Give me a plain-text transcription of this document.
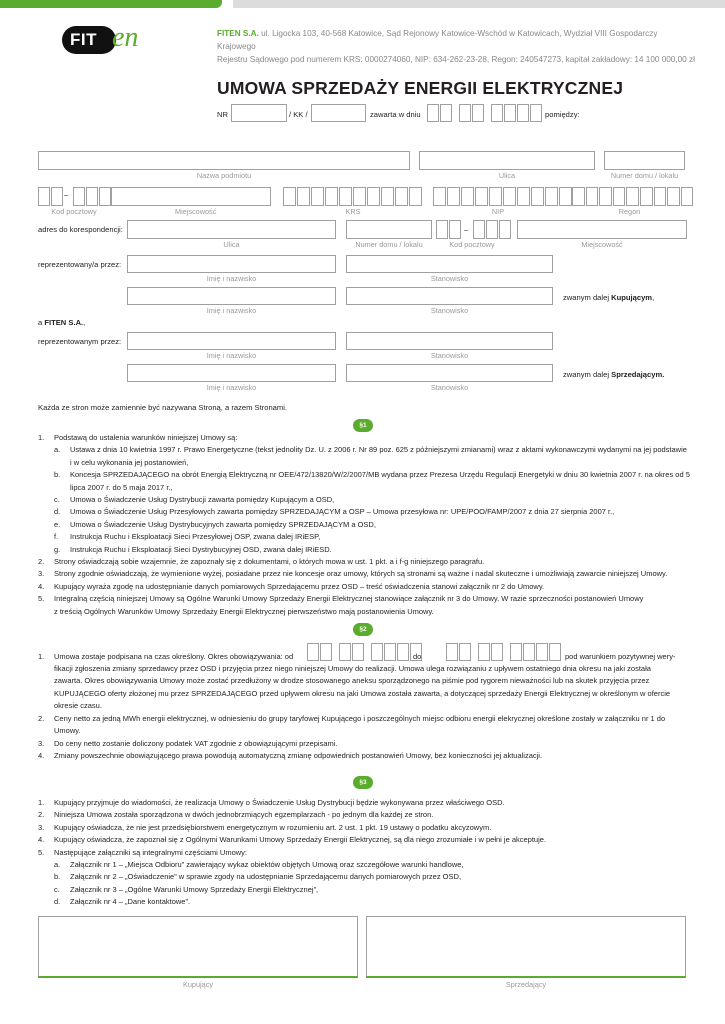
FIT en	FITEN S.A. ul. Ligocka 103, 40-568 Katowice, Sąd Rejonowy Katowice-Wschód w Katowicach, Wydział VIII Gospodarczy Krajowego
Rejestru Sądowego pod numerem KRS: 0000274060, NIP: 634-262-23-28, Regon: 240547273, kapitał zakładowy: 14 100 000,00 zł
UMOWA SPRZEDAŻY ENERGII ELEKTRYCZNEJ
NR	/ KK /	zawarta w dniu	pomiędzy:
Nazwa podmiotu	Ulica	Numer domu / lokalu
–
Kod pocztowy	Miejscowość	KRS	NIP	Regon
adres do korespondencji:	–
Ulica	Numer domu / lokalu	Kod pocztowy	Miejscowość
reprezentowany/a przez:
Imię i nazwisko	Stanowisko
zwanym dalej Kupującym,
Imię i nazwisko	Stanowisko
a FITEN S.A.,
reprezentowanym przez:
Imię i nazwisko	Stanowisko
zwanym dalej Sprzedającym.
Imię i nazwisko	Stanowisko
Każda ze stron może zamiennie być nazywana Stroną, a razem Stronami.
§1
1. Podstawą do ustalenia warunków niniejszej Umowy są:
a. Ustawa z dnia 10 kwietnia 1997 r. Prawo Energetyczne (tekst jednolity Dz. U. z 2006 r. Nr 89 poz. 625 z późniejszymi zmianami) wraz z aktami wykonawczymi wydanymi na jej podstawie i w celu wykonania jej postanowień,
b. Koncesja SPRZEDAJĄCEGO na obrót Energią Elektryczną nr OEE/472/13820/W/2/2007/MB wydana przez Prezesa Urzędu Regulacji Energetyki w dniu 30 kwietnia 2007 r. na okres od 5 lipca 2007 r. do 5 maja 2017 r.,
c. Umowa o Świadczenie Usług Dystrybucji zawarta pomiędzy Kupującym a OSD,
d. Umowa o Świadczenie Usług Przesyłowych zawarta pomiędzy SPRZEDAJĄCYM a OSP – Umowa przesyłowa nr: UPE/POO/FAMP/2007 z dnia 27 sierpnia 2007 r.,
e. Umowa o Świadczenie Usług Dystrybucyjnych zawarta pomiędzy SPRZEDAJĄCYM a OSD,
f. Instrukcja Ruchu i Eksploatacji Sieci Przesyłowej OSP, zwana dalej IRiESP,
g. Instrukcja Ruchu i Eksploatacji Sieci Dystrybucyjnej OSD, zwana dalej IRiESD.
2. Strony oświadczają sobie wzajemnie, że zapoznały się z dokumentami, o których mowa w ust. 1 pkt. a i f-g niniejszego paragrafu.
3. Strony zgodnie oświadczają, że wymienione wyżej, posiadane przez nie koncesje oraz umowy, których są stronami są ważne i nadal skuteczne i umożliwiają zawarcie niniejszej Umowy.
4. Kupujący wyraża zgodę na udostępnianie danych pomiarowych Sprzedającemu przez OSD – treść oświadczenia stanowi załącznik nr 2 do Umowy.
5. Integralną częścią niniejszej Umowy są Ogólne Warunki Umowy Sprzedaży Energii Elektrycznej stanowiące załącznik nr 3 do Umowy. W razie sprzeczności postanowień Umowy
z treścią Ogólnych Warunków Umowy Sprzedaży Energii Elektrycznej pierwszeństwo mają postanowienia Umowy.
§2
1. Umowa zostaje podpisana na czas określony. Okres obowiązywania: od	do	pod warunkiem pozytywnej wery-
fikacji zgłoszenia zmiany sprzedawcy przez OSD i przyjęcia przez niego niniejszej Umowy do realizacji. Umowa ulega rozwiązaniu z upływem ostatniego dnia okresu na jaki została
zawarta. Okres obowiązywania Umowy może zostać przedłużony w drodze stosowanego aneksu sporządzonego na piśmie pod rygorem nieważności lub na skutek przyjęcia przez
KUPUJĄCEGO oferty złożonej mu przez SPRZEDAJĄCEGO przed upływem okresu na jaki Umowa została zawarta, a dotyczącej sprzedaży Energii Elektrycznej w określonym w ofercie
okresie czasu.
2. Ceny netto za jedną MWh energii elektrycznej, w odniesieniu do grupy taryfowej Kupującego i poszczególnych miejsc odbioru energii elekrycznej określone zostały w załączniku nr 1 do Umowy.
3. Do ceny netto zostanie doliczony podatek VAT zgodnie z obowiązującymi przepisami.
4. Zmiany powszechnie obowiązującego prawa powodują automatyczną zmianę odpowiednich postanowień Umowy, bez konieczności jej aktualizacji.
§3
1. Kupujący przyjmuje do wiadomości, że realizacja Umowy o Świadczenie Usług Dystrybucji będzie wykonywana przez właściwego OSD.
2. Niniejsza Umowa została sporządzona w dwóch jednobrzmiących egzemplarzach - po jednym dla każdej ze stron.
3. Kupujący oświadcza, że nie jest przedsiębiorstwem energetycznym w rozumieniu art. 2 ust. 1 pkt. 19 ustawy o podatku akcyzowym.
4. Kupujący oświadcza, że zapoznał się z Ogólnymi Warunkami Umowy Sprzedaży Energii Elektrycznej, są dla niego zrozumiałe i w pełni je akceptuje.
5. Następujące załączniki są integralnymi częściami Umowy:
a. Załącznik nr 1 – „Miejsca Odbioru” zawierający wykaz obiektów objętych Umową oraz szczegółowe warunki handlowe,
b. Załącznik nr 2 – „Oświadczenie” w sprawie zgody na udostępnianie Sprzedającemu danych pomiarowych przez OSD,
c. Załącznik nr 3 – „Ogólne Warunki Umowy Sprzedaży Energii Elektrycznej”,
d. Załącznik nr 4 – „Dane kontaktowe”.
Kupujący	Sprzedający
